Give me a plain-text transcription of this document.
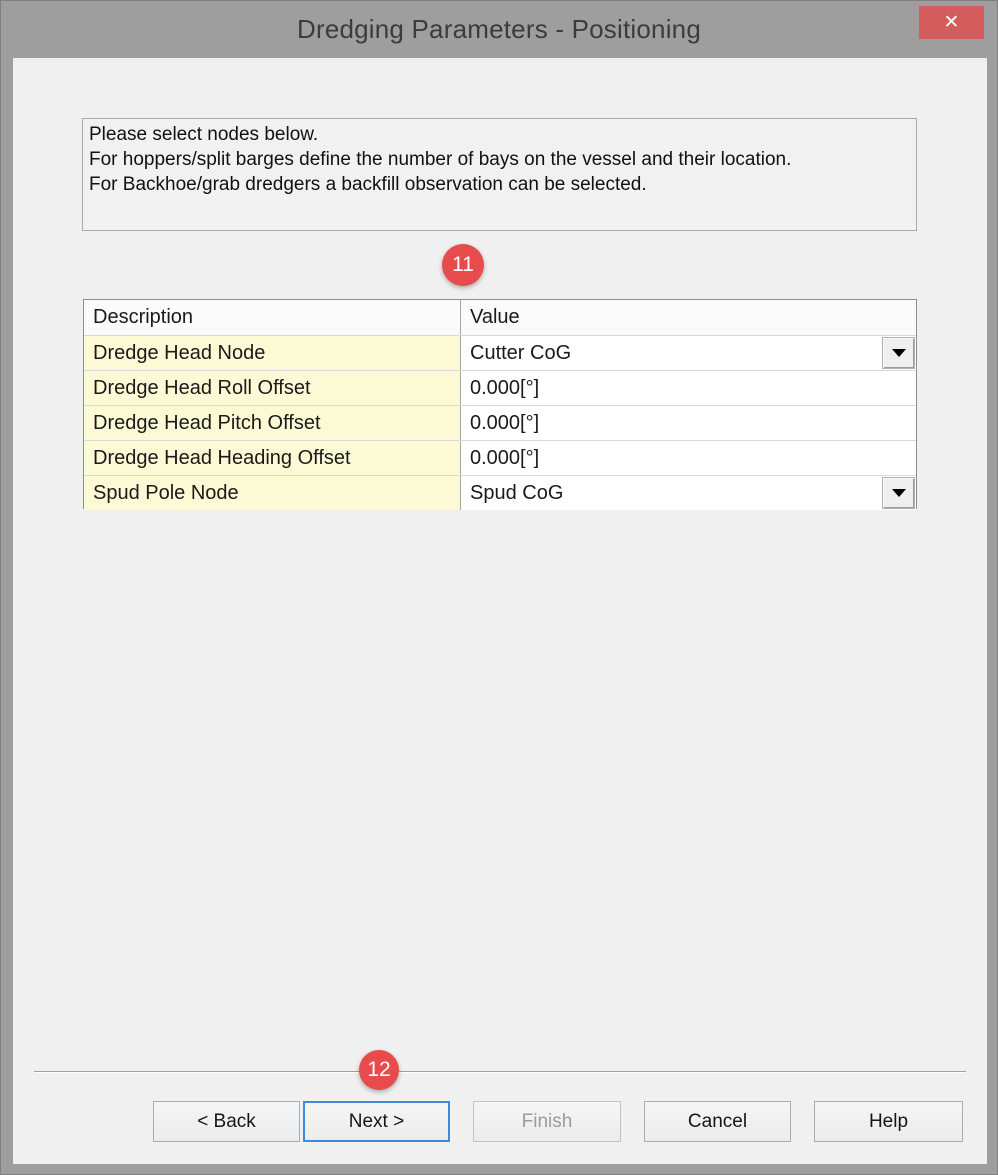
Dredging Parameters - Positioning	✕
Please select nodes below.
For hoppers/split barges define the number of bays on the vessel and their location.
For Backhoe/grab dredgers a backfill observation can be selected.
11
Description	Value
Dredge Head Node	Cutter CoG
Dredge Head Roll Offset	0.000[°]
Dredge Head Pitch Offset	0.000[°]
Dredge Head Heading Offset	0.000[°]
Spud Pole Node	Spud CoG
12
< Back	Next >	Finish	Cancel	Help
